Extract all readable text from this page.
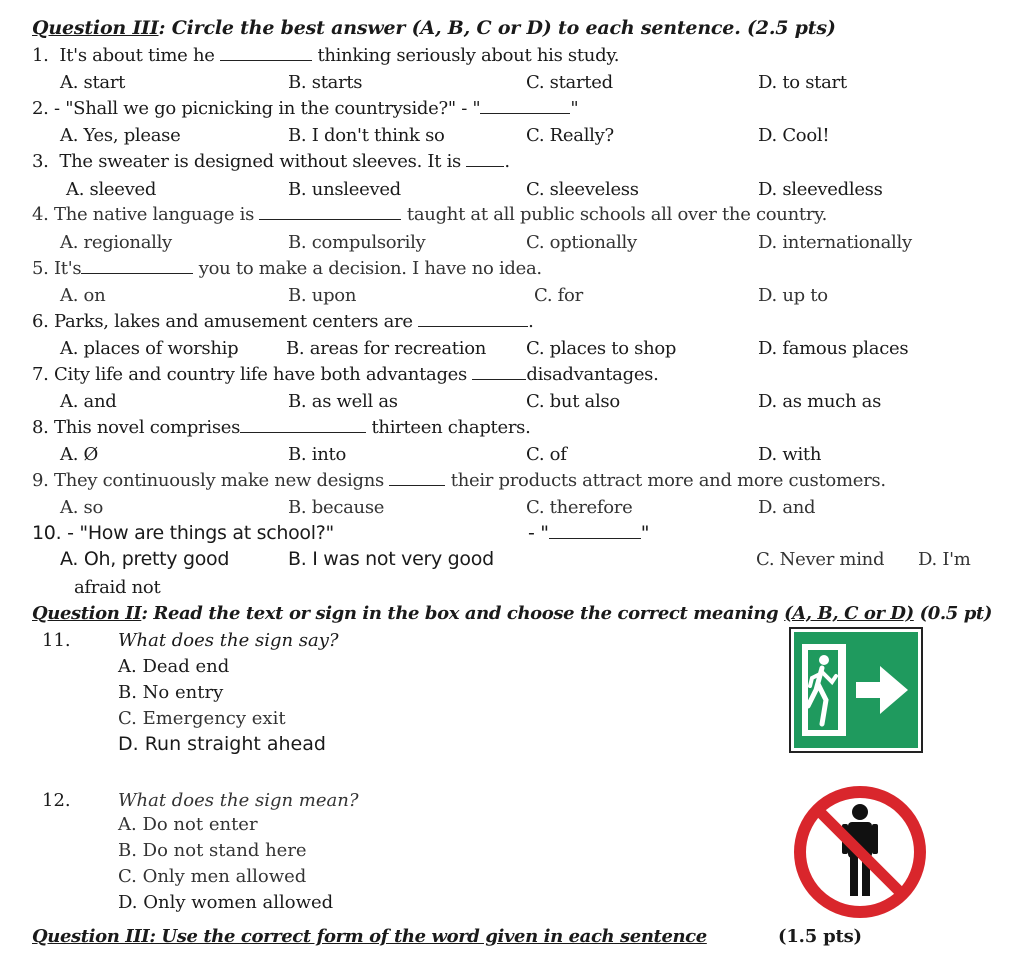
Question III: Circle the best answer (A, B, C or D) to each sentence. (2.5 pts)
1. It's about time he	thinking seriously about his study.
A. start	B. starts	C. started	D. to start
2. - "Shall we go picnicking in the countryside?" - "	"
A. Yes, please	B. I don't think so	C. Really?	D. Cool!
3. The sweater is designed without sleeves. It is .
A. sleeved	B. unsleeved	C. sleeveless	D. sleevedless
4. The native language is	taught at all public schools all over the country.
A. regionally	B. compulsorily	C. optionally	D. internationally
5. It's	you to make a decision. I have no idea.
A. on	B. upon	C. for	D. up to
6. Parks, lakes and amusement centers are	.
A. places of worship	B. areas for recreation C. places to shop	D. famous places
7. City life and country life have both advantages	disadvantages.
A. and	B. as well as	C. but also	D. as much as
8. This novel comprises	thirteen chapters.
A. Ø	B. into	C. of	D. with
9. They continuously make new designs	their products attract more and more customers.
A. so	B. because	C. therefore	D. and
10. - "How are things at school?"	- "	"
A. Oh, pretty good	B. I was not very good	C. Never mind D. I'm
afraid not
Question II: Read the text or sign in the box and choose the correct meaning (A, B, C or D) (0.5 pt)
11.	What does the sign say?
A. Dead end
B. No entry
C. Emergency exit
D. Run straight ahead
12.	What does the sign mean?
A. Do not enter
B. Do not stand here
C. Only men allowed
D. Only women allowed
Question III: Use the correct form of the word given in each sentence	(1.5 pts)
